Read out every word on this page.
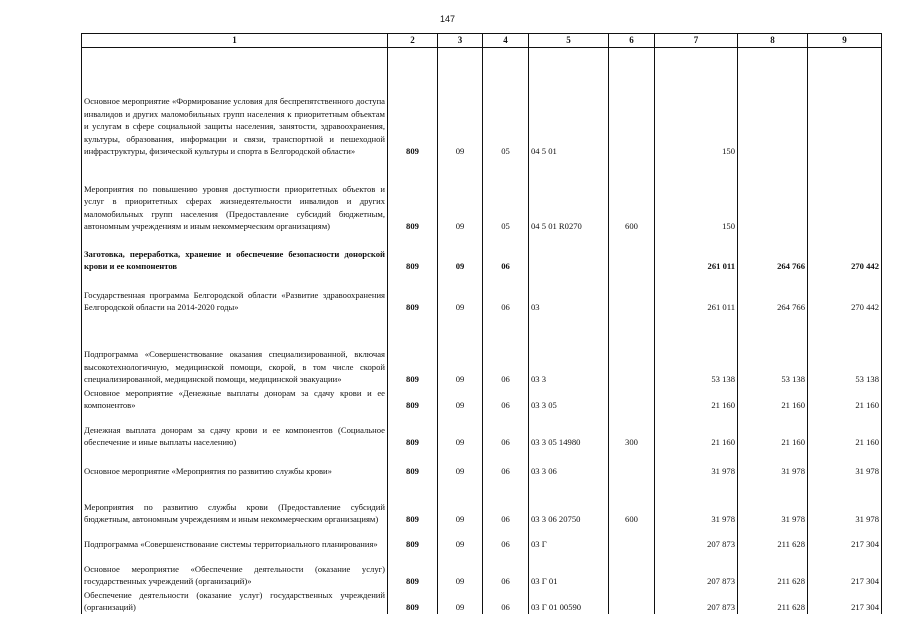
147
1	2	3	4	5	6	7	8	9
Основное мероприятие «Формирование условия для беспрепятственного доступа инвалидов и других маломобильных групп населения к приоритетным объектам и услугам в сфере социальной защиты населения, занятости, здравоохранения, культуры, образования, информации и связи, транспортной и пешеходной инфраструктуры, физической культуры и спорта в Белгородской области»	809	09	05	04 5 01		150		
Мероприятия по повышению уровня доступности приоритетных объектов и услуг в приоритетных сферах жизнедеятельности инвалидов и других маломобильных групп населения (Предоставление субсидий бюджетным, автономным учреждениям и иным некоммерческим организациям)	809	09	05	04 5 01 R0270	600	150		
Заготовка, переработка, хранение и обеспечение безопасности донорской крови и ее компонентов	809	09	06			261 011	264 766	270 442
Государственная программа Белгородской области «Развитие здравоохранения Белгородской области на 2014-2020 годы»	809	09	06	03		261 011	264 766	270 442
Подпрограмма «Совершенствование оказания специализированной, включая высокотехнологичную, медицинской помощи, скорой, в том числе скорой специализированной, медицинской помощи, медицинской эвакуации»	809	09	06	03 3		53 138	53 138	53 138
Основное мероприятие «Денежные выплаты донорам за сдачу крови и ее компонентов»	809	09	06	03 3 05		21 160	21 160	21 160
Денежная выплата донорам за сдачу крови и ее компонентов (Социальное обеспечение и иные выплаты населению)	809	09	06	03 3 05 14980	300	21 160	21 160	21 160
Основное мероприятие «Мероприятия по развитию службы крови»	809	09	06	03 3 06		31 978	31 978	31 978
Мероприятия по развитию службы крови (Предоставление субсидий бюджетным, автономным учреждениям и иным некоммерческим организациям)	809	09	06	03 3 06 20750	600	31 978	31 978	31 978
Подпрограмма «Совершенствование системы территориального планирования»	809	09	06	03 Г		207 873	211 628	217 304
Основное мероприятие «Обеспечение деятельности (оказание услуг) государственных учреждений (организаций)»	809	09	06	03 Г 01		207 873	211 628	217 304
Обеспечение деятельности (оказание услуг) государственных учреждений (организаций)	809	09	06	03 Г 01 00590		207 873	211 628	217 304
